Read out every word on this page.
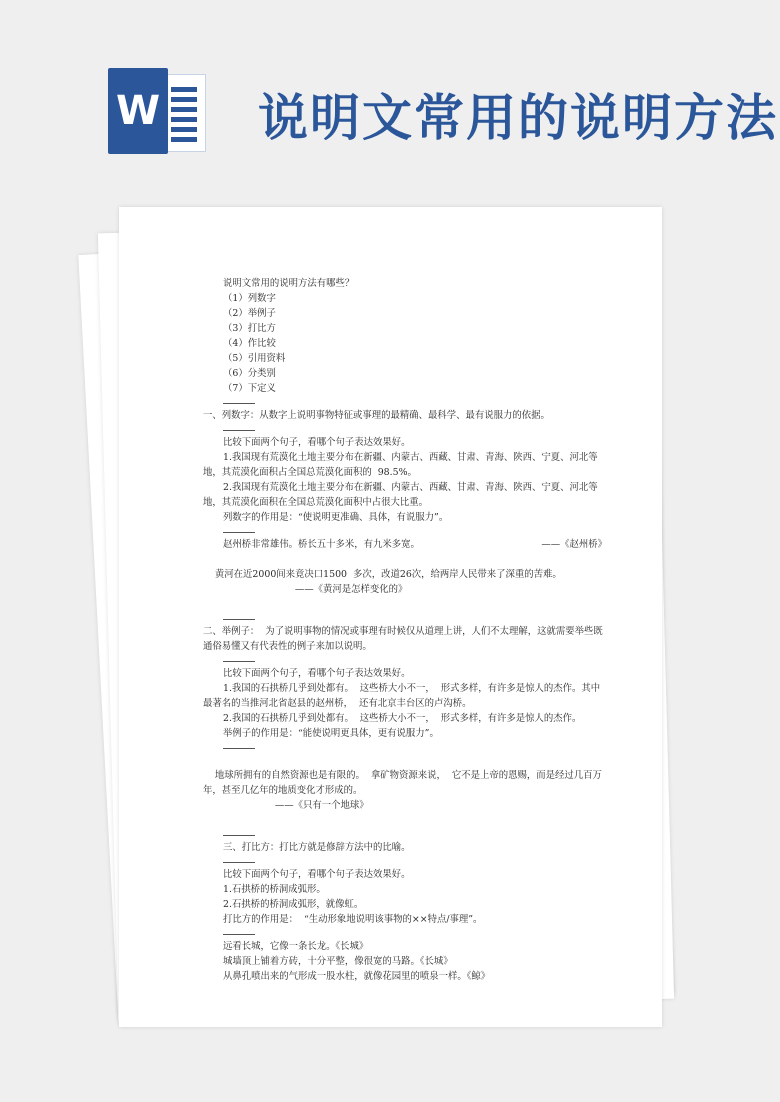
W 说明文常用的说明方法

说明文常用的说明方法有哪些？

（1）列数字

（2）举例子

（3）打比方

（4）作比较

（5）引用资料

（6）分类别

（7）下定义

一、列数字：从数字上说明事物特征或事理的最精确、最科学、最有说服力的依据。

比较下面两个句子，看哪个句子表达效果好。

1.我国现有荒漠化土地主要分布在新疆、内蒙古、西藏、甘肃、青海、陕西、宁夏、河北等地，其荒漠化面积占全国总荒漠化面积的  98.5%。

2.我国现有荒漠化土地主要分布在新疆、内蒙古、西藏、甘肃、青海、陕西、宁夏、河北等地，其荒漠化面积在全国总荒漠化面积中占很大比重。

列数字的作用是：“使说明更准确、具体，有说服力”。

赵州桥非常雄伟。桥长五十多米，有九米多宽。	——《赵州桥》

黄河在近2000间来竟决口1500  多次，改道26次，给两岸人民带来了深重的苦难。
——《黄河是怎样变化的》

二、举例子：  为了说明事物的情况或事理有时候仅从道理上讲，人们不太理解，这就需要举些既通俗易懂又有代表性的例子来加以说明。

比较下面两个句子，看哪个句子表达效果好。

1.我国的石拱桥几乎到处都有。  这些桥大小不一，  形式多样，有许多是惊人的杰作。其中最著名的当推河北省赵县的赵州桥，  还有北京丰台区的卢沟桥。

2.我国的石拱桥几乎到处都有。  这些桥大小不一，  形式多样，有许多是惊人的杰作。

举例子的作用是：“能使说明更具体，更有说服力”。

地球所拥有的自然资源也是有限的。  拿矿物资源来说，  它不是上帝的恩赐，而是经过几百万年，甚至几亿年的地质变化才形成的。
——《只有一个地球》

三、打比方：打比方就是修辞方法中的比喻。

比较下面两个句子，看哪个句子表达效果好。

1.石拱桥的桥洞成弧形。

2.石拱桥的桥洞成弧形，就像虹。

打比方的作用是：  “生动形象地说明该事物的××特点/事理”。

远看长城，它像一条长龙。《长城》

城墙顶上铺着方砖，十分平整，像很宽的马路。《长城》

从鼻孔喷出来的气形成一股水柱，就像花园里的喷泉一样。《鲸》
